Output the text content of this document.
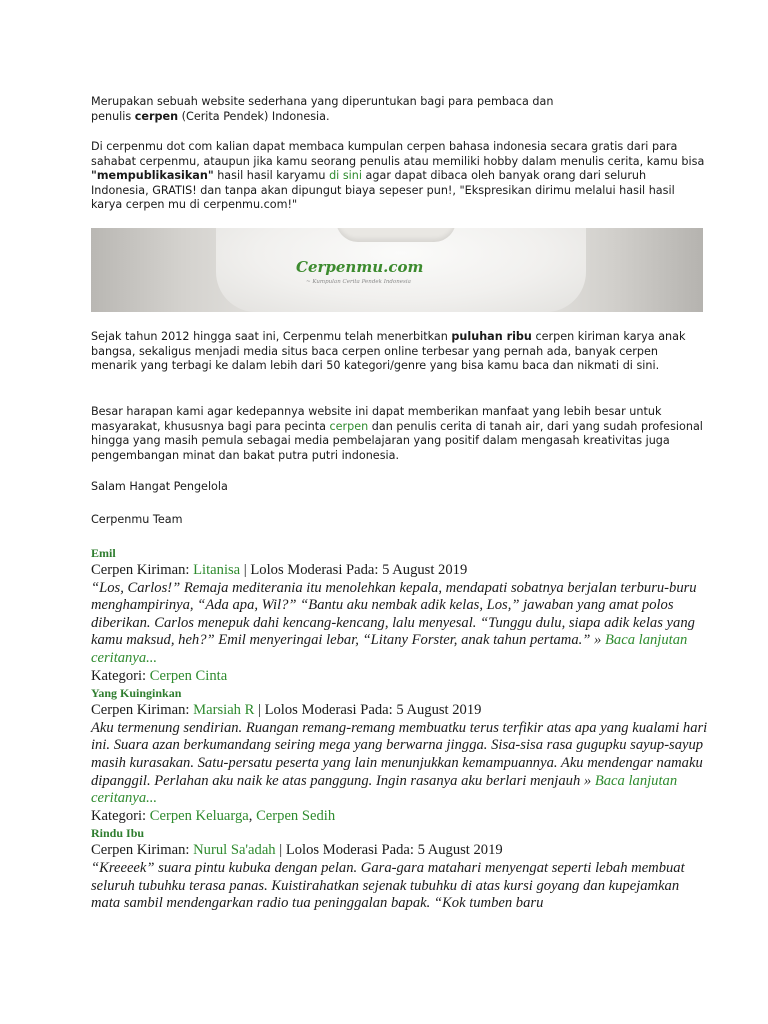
Merupakan sebuah website sederhana yang diperuntukan bagi para pembaca dan
penulis cerpen (Cerita Pendek) Indonesia.

Di cerpenmu dot com kalian dapat membaca kumpulan cerpen bahasa indonesia secara gratis dari para sahabat cerpenmu, ataupun jika kamu seorang penulis atau memiliki hobby dalam menulis cerita, kamu bisa "mempublikasikan" hasil hasil karyamu di sini agar dapat dibaca oleh banyak orang dari seluruh Indonesia, GRATIS! dan tanpa akan dipungut biaya sepeser pun!, "Ekspresikan dirimu melalui hasil hasil karya cerpen mu di cerpenmu.com!"

Cerpenmu.com
~ Kumpulan Cerita Pendek Indonesia

Sejak tahun 2012 hingga saat ini, Cerpenmu telah menerbitkan puluhan ribu cerpen kiriman karya anak bangsa, sekaligus menjadi media situs baca cerpen online terbesar yang pernah ada, banyak cerpen menarik yang terbagi ke dalam lebih dari 50 kategori/genre yang bisa kamu baca dan nikmati di sini.

Besar harapan kami agar kedepannya website ini dapat memberikan manfaat yang lebih besar untuk masyarakat, khususnya bagi para pecinta cerpen dan penulis cerita di tanah air, dari yang sudah profesional hingga yang masih pemula sebagai media pembelajaran yang positif dalam mengasah kreativitas juga pengembangan minat dan bakat putra putri indonesia.

Salam Hangat Pengelola

Cerpenmu Team

Emil
Cerpen Kiriman: Litanisa | Lolos Moderasi Pada: 5 August 2019
“Los, Carlos!” Remaja mediterania itu menolehkan kepala, mendapati sobatnya berjalan terburu-buru menghampirinya, “Ada apa, Wil?” “Bantu aku nembak adik kelas, Los,” jawaban yang amat polos diberikan. Carlos menepuk dahi kencang-kencang, lalu menyesal. “Tunggu dulu, siapa adik kelas yang kamu maksud, heh?” Emil menyeringai lebar, “Litany Forster, anak tahun pertama.” » Baca lanjutan ceritanya...
Kategori: Cerpen Cinta
Yang Kuinginkan
Cerpen Kiriman: Marsiah R | Lolos Moderasi Pada: 5 August 2019
Aku termenung sendirian. Ruangan remang-remang membuatku terus terfikir atas apa yang kualami hari ini. Suara azan berkumandang seiring mega yang berwarna jingga. Sisa-sisa rasa gugupku sayup-sayup masih kurasakan. Satu-persatu peserta yang lain menunjukkan kemampuannya. Aku mendengar namaku dipanggil. Perlahan aku naik ke atas panggung. Ingin rasanya aku berlari menjauh » Baca lanjutan ceritanya...
Kategori: Cerpen Keluarga, Cerpen Sedih
Rindu Ibu
Cerpen Kiriman: Nurul Sa'adah | Lolos Moderasi Pada: 5 August 2019
“Kreeeek” suara pintu kubuka dengan pelan. Gara-gara matahari menyengat seperti lebah membuat seluruh tubuhku terasa panas. Kuistirahatkan sejenak tubuhku di atas kursi goyang dan kupejamkan mata sambil mendengarkan radio tua peninggalan bapak. “Kok tumben baru
